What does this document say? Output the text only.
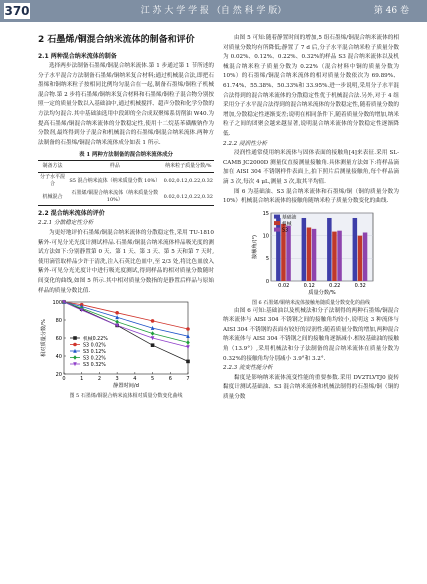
370	江 苏 大 学 学 报 （自 然 科 学 版）	第 46 卷
2 石墨烯/铜混合纳米流体的制备和评价
2.1 两种混合纳米流体的制备

选择两步法制备石墨烯/铜混合纳米流体.第 1 步通过第 1 节所述的分子水平混合方法制备石墨烯/铜纳米复合材料;通过机械混合法,即把石墨烯和铜纳米粒子按相同比例均匀混合在一起,制备石墨烯/铜粒子机械混合物.第 2 步将石墨烯/铜纳米复合材料和石墨烯/铜粒子混合物分别按照一定的质量分数以入基础油中,通过机械搅拌、超声分散和化学分散的方法均匀混合.其中基础油选用中段卸的全合成双聚烯系切削油 W40.为提高石墨烯/铜混合纳米流体的分散稳定性,使用十二烷基苯磺酸钠作为分散剂,最终得到分子混合和机械混合的石墨烯/铜混合纳米流体.两种方法制备的石墨烯/铜混合纳米流体成分如表 1 所示.

表 1 两种方法制备的混合纳米流体成分
制备方法	样品	纳米粒子质量分数/%
分子水平混合	S5 混合纳米流体（纳米质量分数 10%）	0.02,0.12,0.22,0.32
机械混合	石墨烯/铜混合纳米流体（纳米质量分数 10%）	0.02,0.12,0.22,0.32
2.2 混合纳米流体的评价
2.2.1 分散稳定性分析

为更好地评价石墨烯/铜混合纳米流体的分散稳定性,采用 TU-1810 紫外-可见分光光度计测试样品.石墨烯/铜混合纳米流体样品吸光度的测试方法如下:分别静置第 0 天、第 1 天、第 3 天、第 5 天和第 7 天时,使用滴管取样品少许于清洗,注入石英比色皿中,至 2/3 处,将比色皿放入紫外-可见分光光度计中进行吸光度测试,得到样品的相对质量分数随时间变化的曲线,如图 5 所示.其中相对质量分数指的是静置后样品与原始样品的质量分数比值.

20
40
60
80
100
0	1	2	3	4	5	6	7
静置时间/d
相对质量分数/%	机械0.22%
S3 0.02%
S3 0.12%
S3 0.22%
S3 0.32%
图 5 石墨烯/铜混合纳米流体相对质量分数变化曲线

由图 5 可知:随着静置时间的增加,5 组石墨烯/铜混合纳米流体的相对质量分数均有所降低;静置了 7 d 后,分子水平混合纳米粒子质量分数为 0.02%、0.12%、0.22%、0.32%的样品 S3 混合纳米流体以及机械混合纳米粒子质量分数为 0.22%（混合材料中铜的质量分数为 10%）的石墨烯/铜混合纳米流体的相对质量分数依次为 69.89%、61.74%、55.38%、50.33%和 33.95%.进一步说明,采用分子水平混合法得到的混合纳米流体的分散稳定性优于机械混合法.另外,对于 4 组采用分子水平混合法得到的混合纳米流体的分散稳定性,随着质量分数的增加,分散稳定性逐渐变差;说明在相同条件下,随着质量分数的增加,纳米粒子之间的团聚会越来越显著,说明混合纳米流体的分散稳定性逐渐降低.

2.2.2 浸润性分析

浸润性通常使用纳米流体与固体表面的接触角[4]来表征.采用 SL-CAMB JC2000D 测量仪直接测量接触角.具体测量方法如下:将样品滴加在 AISI 304 不锈钢样件表面上,拍下照片后测量接触角,每个样品滴滴 3 次,每次 4 μL,测量 3 次,取其平均值.

图 6 为基础油、S3 混合纳米流体和石墨烯/铜（铜的质量分数为 10%）机械混合纳米流体的接触角随纳米粒子质量分数变化的曲线.

0
5
10
15
0.02	0.12	0.22	0.32
质量分数/%
接触角/(°)
基础油
机械
S3
图 6 石墨烯/铜纳米流体接触角随质量分数变化的曲线

由图 6 可知:基础油以及机械法和分子法制得的两种石墨烯/铜混合纳米流体与 AISI 304 不锈钢之间的接触角均较小,说明这 3 种流体与 AISI 304 不锈钢的表面有较好的浸润性;随着质量分数的增加,两种混合纳米流体与 AISI 304 不锈钢之间的接触角逐渐减小.相较基础油的接触角（13.9°）,采用机械法和分子法制备的混合纳米流体在质量分数为 0.32%的接触角均分别减小 3.9°和 3.2°.

2.2.3 流变性能分析

黏度是影响纳米流体流变性能的重要参数.采用 DV2TLVTJ0 旋转黏度计测试基础油、S3 混合纳米流体和机械法制得的石墨烯/铜（铜的质量分数
